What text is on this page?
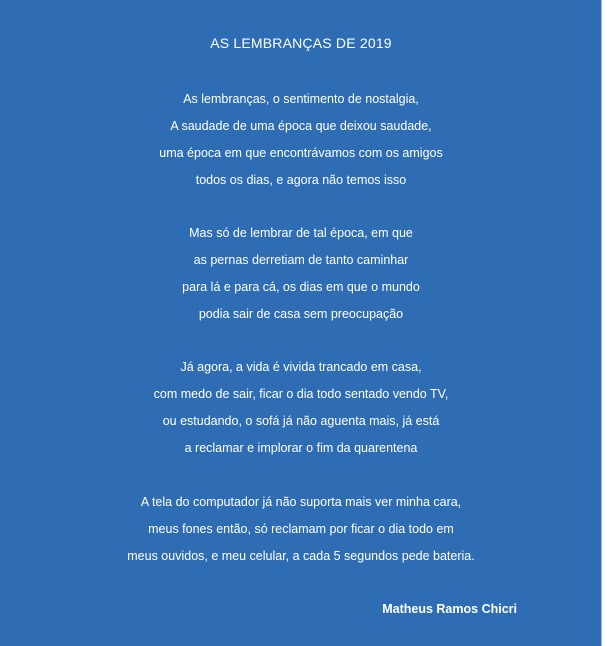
AS LEMBRANÇAS DE 2019
As lembranças, o sentimento de nostalgia,
A saudade de uma época que deixou saudade,
uma época em que encontrávamos com os amigos
todos os dias, e agora não temos isso
Mas só de lembrar de tal época, em que
as pernas derretiam de tanto caminhar
para lá e para cá, os dias em que o mundo
podia sair de casa sem preocupação
Já agora, a vida é vivida trancado em casa,
com medo de sair, ficar o dia todo sentado vendo TV,
ou estudando, o sofá já não aguenta mais, já está
a reclamar e implorar o fim da quarentena
A tela do computador já não suporta mais ver minha cara,
meus fones então, só reclamam por ficar o dia todo em
meus ouvidos, e meu celular, a cada 5 segundos pede bateria.
Matheus Ramos Chicri
